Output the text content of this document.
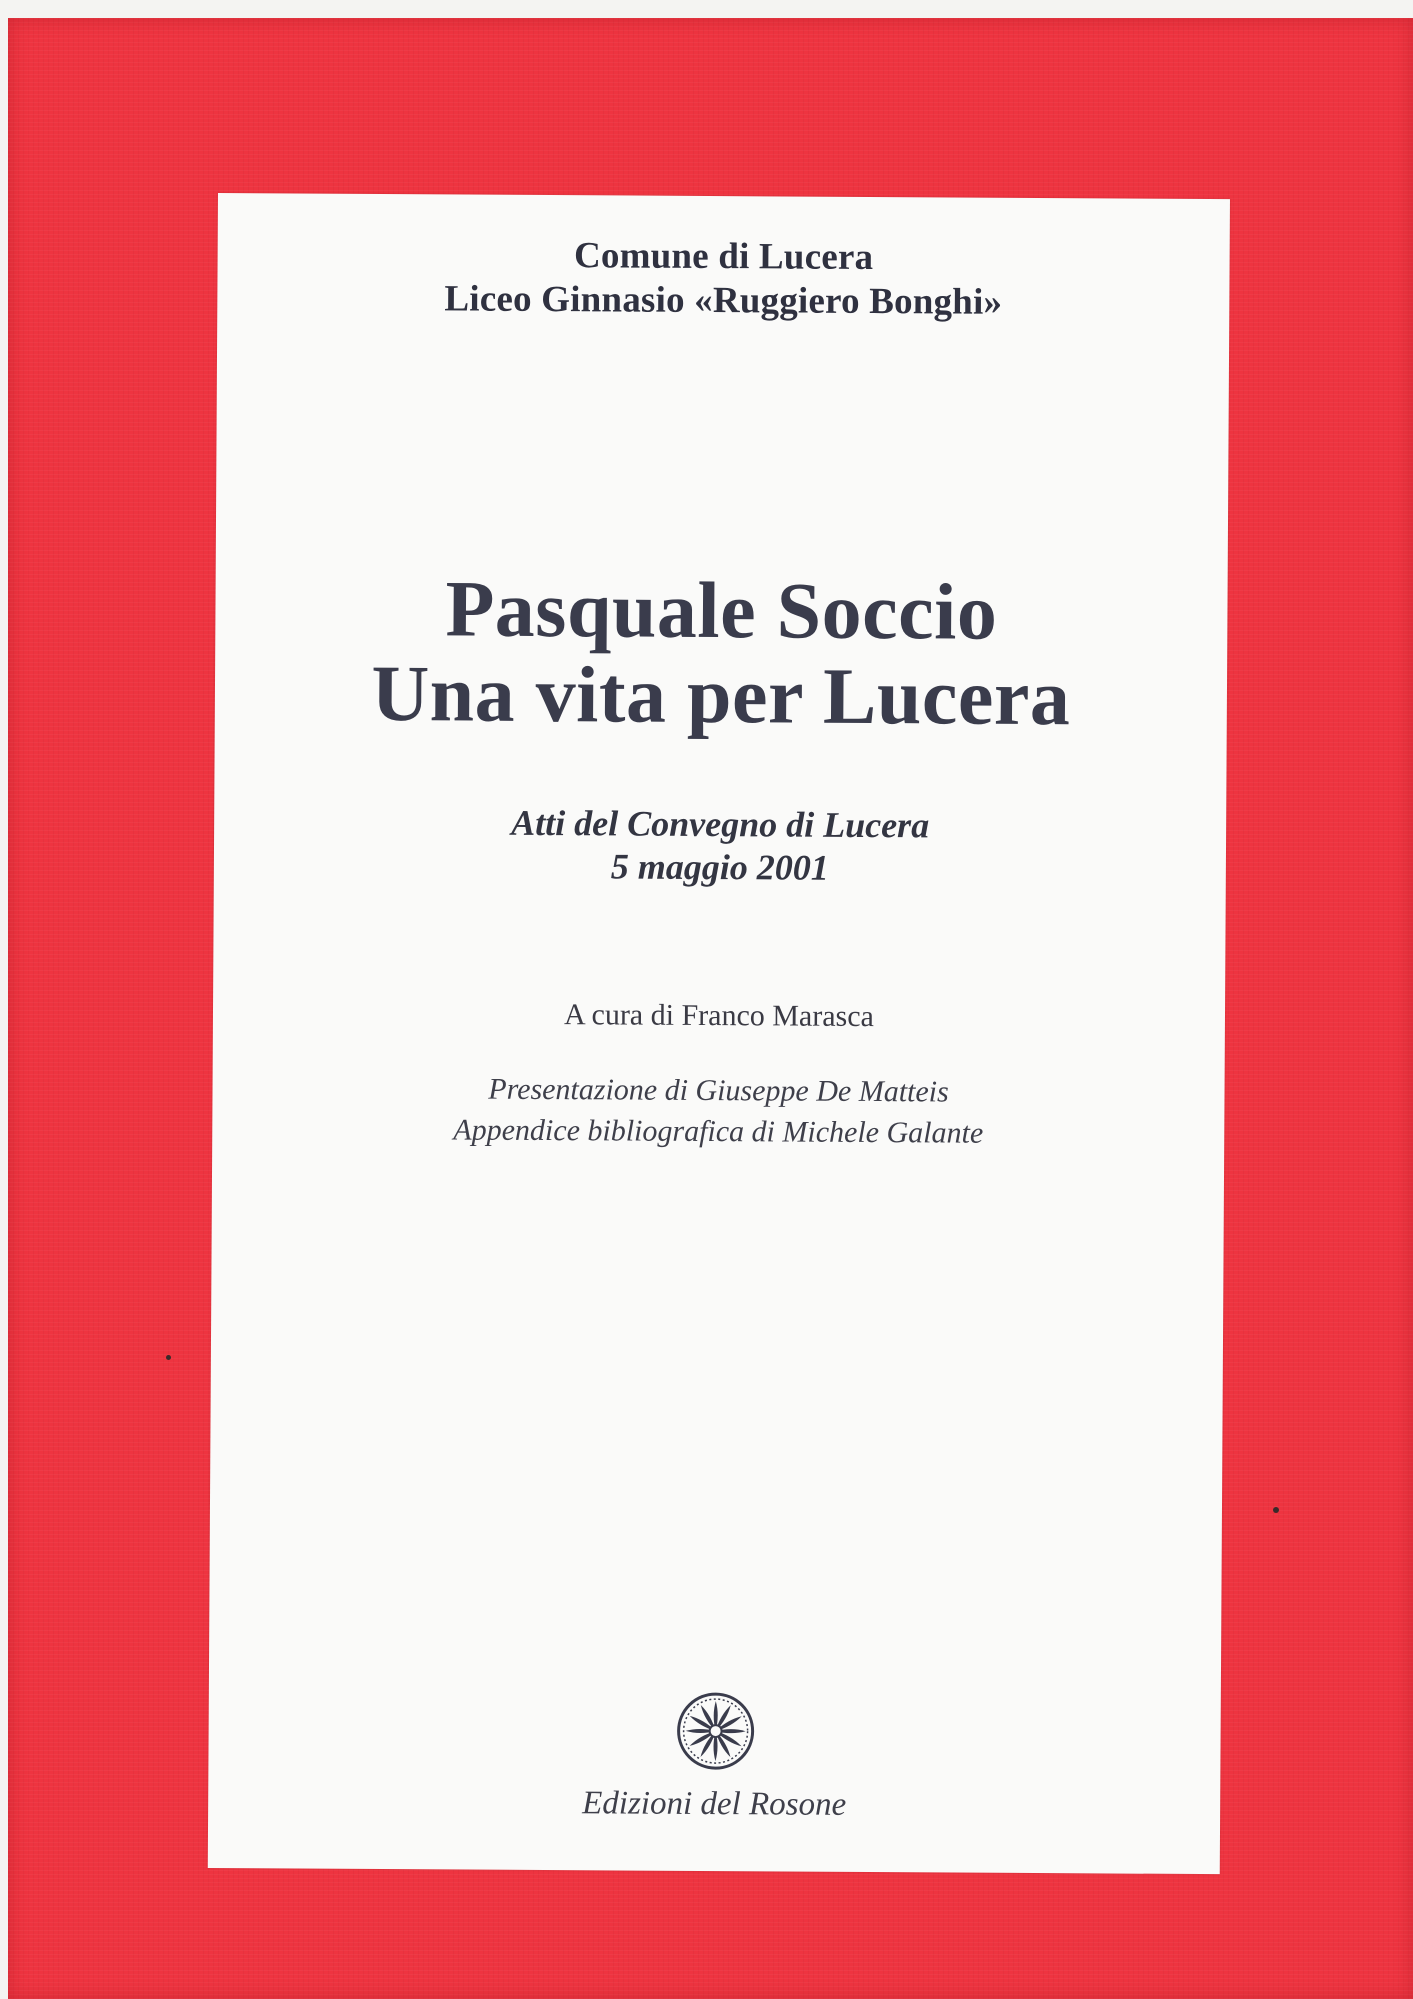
Comune di Lucera
Liceo Ginnasio «Ruggiero Bonghi»
Pasquale Soccio
Una vita per Lucera
Atti del Convegno di Lucera
5 maggio 2001
A cura di Franco Marasca
Presentazione di Giuseppe De Matteis
Appendice bibliografica di Michele Galante
Edizioni del Rosone
